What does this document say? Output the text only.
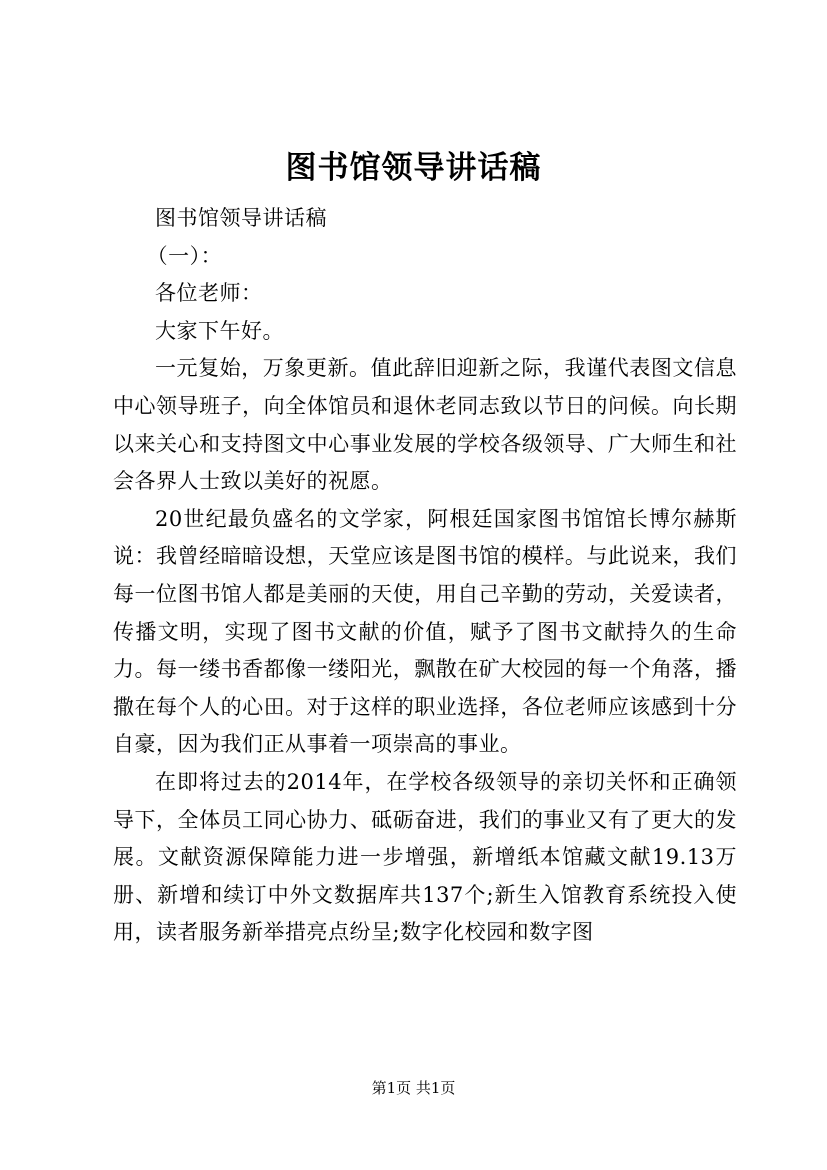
图书馆领导讲话稿

图书馆领导讲话稿

（一）：

各位老师：

大家下午好。

一元复始，万象更新。值此辞旧迎新之际，我谨代表图文信息中心领导班子，向全体馆员和退休老同志致以节日的问候。向长期以来关心和支持图文中心事业发展的学校各级领导、广大师生和社会各界人士致以美好的祝愿。

20世纪最负盛名的文学家，阿根廷国家图书馆馆长博尔赫斯说：我曾经暗暗设想，天堂应该是图书馆的模样。与此说来，我们每一位图书馆人都是美丽的天使，用自己辛勤的劳动，关爱读者，传播文明，实现了图书文献的价值，赋予了图书文献持久的生命力。每一缕书香都像一缕阳光，飘散在矿大校园的每一个角落，播撒在每个人的心田。对于这样的职业选择，各位老师应该感到十分自豪，因为我们正从事着一项崇高的事业。

在即将过去的2014年，在学校各级领导的亲切关怀和正确领导下，全体员工同心协力、砥砺奋进，我们的事业又有了更大的发展。文献资源保障能力进一步增强，新增纸本馆藏文献19.13万册、新增和续订中外文数据库共137个;新生入馆教育系统投入使用，读者服务新举措亮点纷呈;数字化校园和数字图

第1页 共1页
